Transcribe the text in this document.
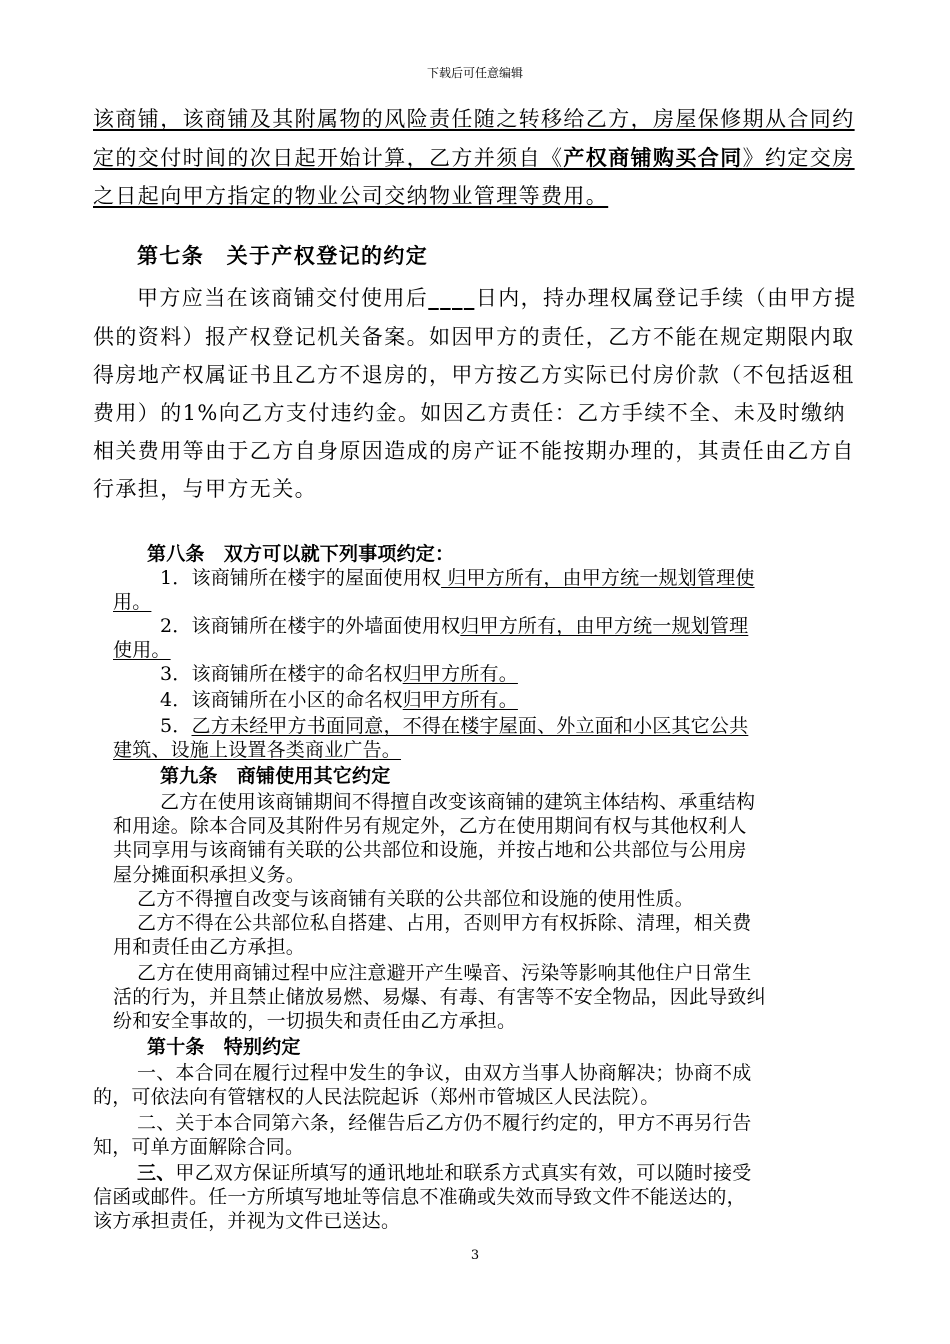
下载后可任意编辑
该商铺，该商铺及其附属物的风险责任随之转移给乙方，房屋保修期从合同约
定的交付时间的次日起开始计算，乙方并须自《产权商铺购买合同》约定交房
之日起向甲方指定的物业公司交纳物业管理等费用。
第七条　关于产权登记的约定
甲方应当在该商铺交付使用后____日内，持办理权属登记手续（由甲方提
供的资料）报产权登记机关备案。如因甲方的责任，乙方不能在规定期限内取
得房地产权属证书且乙方不退房的，甲方按乙方实际已付房价款（不包括返租
费用）的1%向乙方支付违约金。如因乙方责任：乙方手续不全、未及时缴纳
相关费用等由于乙方自身原因造成的房产证不能按期办理的，其责任由乙方自
行承担，与甲方无关。
第八条　双方可以就下列事项约定：
1．该商铺所在楼宇的屋面使用权 归甲方所有，由甲方统一规划管理使
用。
2．该商铺所在楼宇的外墙面使用权归甲方所有，由甲方统一规划管理
使用。
3．该商铺所在楼宇的命名权归甲方所有。
4．该商铺所在小区的命名权归甲方所有。
5．乙方未经甲方书面同意，不得在楼宇屋面、外立面和小区其它公共
建筑、设施上设置各类商业广告。
第九条　商铺使用其它约定
乙方在使用该商铺期间不得擅自改变该商铺的建筑主体结构、承重结构
和用途。除本合同及其附件另有规定外，乙方在使用期间有权与其他权利人
共同享用与该商铺有关联的公共部位和设施，并按占地和公共部位与公用房
屋分摊面积承担义务。
乙方不得擅自改变与该商铺有关联的公共部位和设施的使用性质。
乙方不得在公共部位私自搭建、占用，否则甲方有权拆除、清理，相关费
用和责任由乙方承担。
乙方在使用商铺过程中应注意避开产生噪音、污染等影响其他住户日常生
活的行为，并且禁止储放易燃、易爆、有毒、有害等不安全物品，因此导致纠
纷和安全事故的，一切损失和责任由乙方承担。
第十条　特别约定
一、本合同在履行过程中发生的争议，由双方当事人协商解决；协商不成
的，可依法向有管辖权的人民法院起诉（郑州市管城区人民法院）。
二、关于本合同第六条，经催告后乙方仍不履行约定的，甲方不再另行告
知，可单方面解除合同。
三、甲乙双方保证所填写的通讯地址和联系方式真实有效，可以随时接受
信函或邮件。任一方所填写地址等信息不准确或失效而导致文件不能送达的，
该方承担责任，并视为文件已送达。
3
